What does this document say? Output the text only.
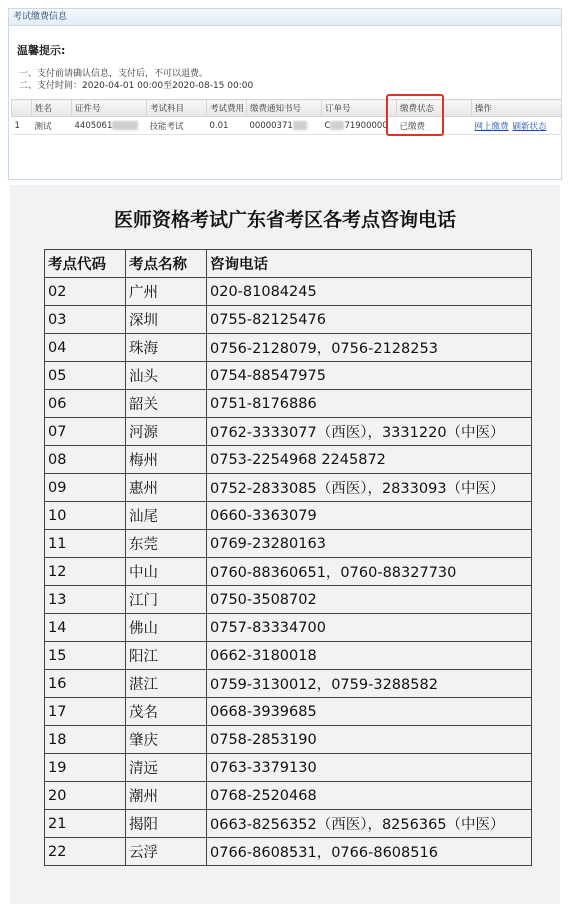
考试缴费信息
温馨提示:
一、支付前请确认信息，支付后，不可以退费。
二、支付时间：2020-04-01 00:00至2020-08-15 00:00
	姓名	证件号	考试科目	考试费用	缴费通知书号	订单号	缴费状态	操作
1	测试	4405061	技能考试	0.01	00000371	C 71900000	已缴费	网上缴费 刷新状态
医师资格考试广东省考区各考点咨询电话
考点代码	考点名称	咨询电话
02	广州	020-81084245
03	深圳	0755-82125476
04	珠海	0756-2128079，0756-2128253
05	汕头	0754-88547975
06	韶关	0751-8176886
07	河源	0762-3333077（西医），3331220（中医）
08	梅州	0753-2254968 2245872
09	惠州	0752-2833085（西医），2833093（中医）
10	汕尾	0660-3363079
11	东莞	0769-23280163
12	中山	0760-88360651，0760-88327730
13	江门	0750-3508702
14	佛山	0757-83334700
15	阳江	0662-3180018
16	湛江	0759-3130012，0759-3288582
17	茂名	0668-3939685
18	肇庆	0758-2853190
19	清远	0763-3379130
20	潮州	0768-2520468
21	揭阳	0663-8256352（西医），8256365（中医）
22	云浮	0766-8608531，0766-8608516
